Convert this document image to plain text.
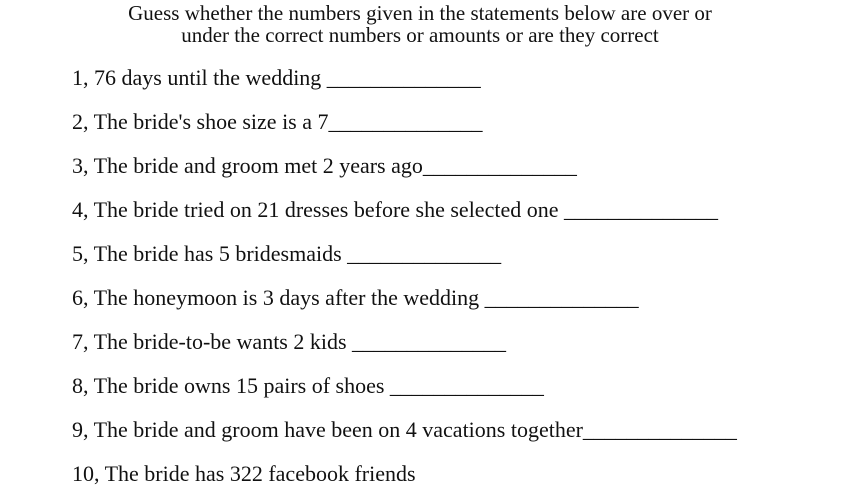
Guess whether the numbers given in the statements below are over or
under the correct numbers or amounts or are they correct
1, 76 days until the wedding ______________
2, The bride's shoe size is a 7______________
3, The bride and groom met 2 years ago______________
4, The bride tried on 21 dresses before she selected one ______________
5, The bride has 5 bridesmaids ______________
6, The honeymoon is 3 days after the wedding ______________
7, The bride-to-be wants 2 kids ______________
8, The bride owns 15 pairs of shoes ______________
9, The bride and groom have been on 4 vacations together______________
10, The bride has 322 facebook friends
